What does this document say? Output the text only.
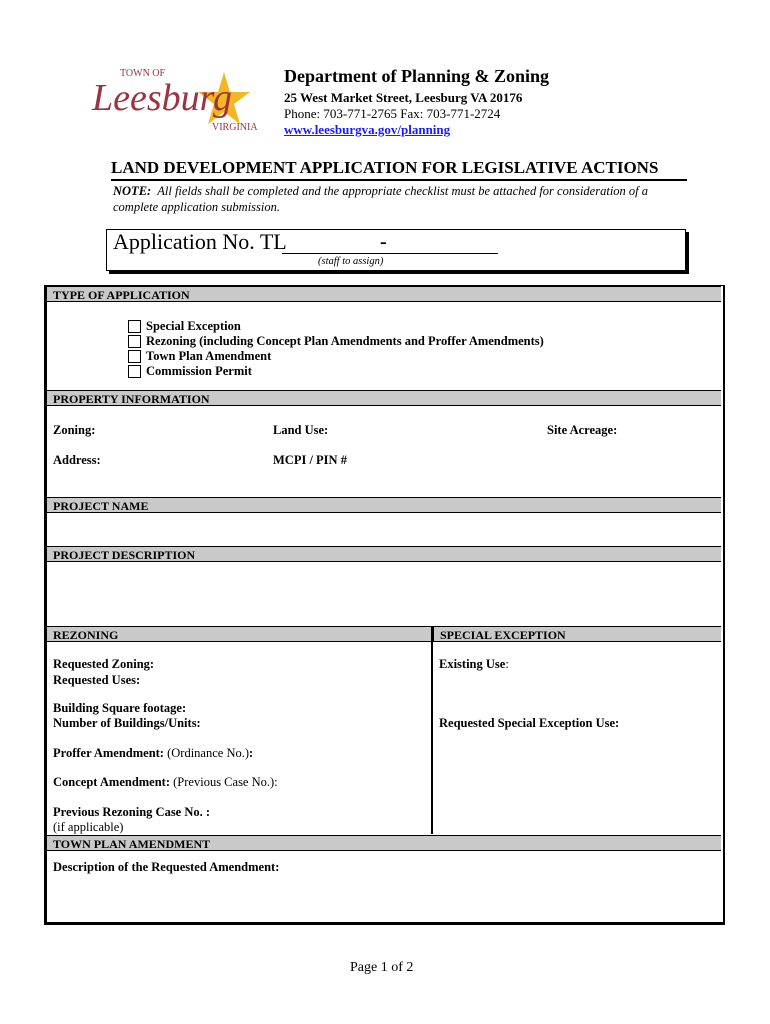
TOWN OF
Leesburg
VIRGINIA
Department of Planning & Zoning
25 West Market Street, Leesburg VA 20176
Phone: 703-771-2765 Fax: 703-771-2724
www.leesburgva.gov/planning
LAND DEVELOPMENT APPLICATION FOR LEGISLATIVE ACTIONS
NOTE: All fields shall be completed and the appropriate checklist must be attached for consideration of a complete application submission.
Application No. TL	-
(staff to assign)
TYPE OF APPLICATION
Special Exception
Rezoning (including Concept Plan Amendments and Proffer Amendments)
Town Plan Amendment
Commission Permit
PROPERTY INFORMATION
Zoning:	Land Use:	Site Acreage:
Address:	MCPI / PIN #
PROJECT NAME
PROJECT DESCRIPTION
REZONING	SPECIAL EXCEPTION
Requested Zoning:
Requested Uses:
Building Square footage:
Number of Buildings/Units:
Proffer Amendment: (Ordinance No.):
Concept Amendment: (Previous Case No.):
Previous Rezoning Case No. :
(if applicable)
Existing Use:
Requested Special Exception Use:
TOWN PLAN AMENDMENT
Description of the Requested Amendment:
Page 1 of 2
